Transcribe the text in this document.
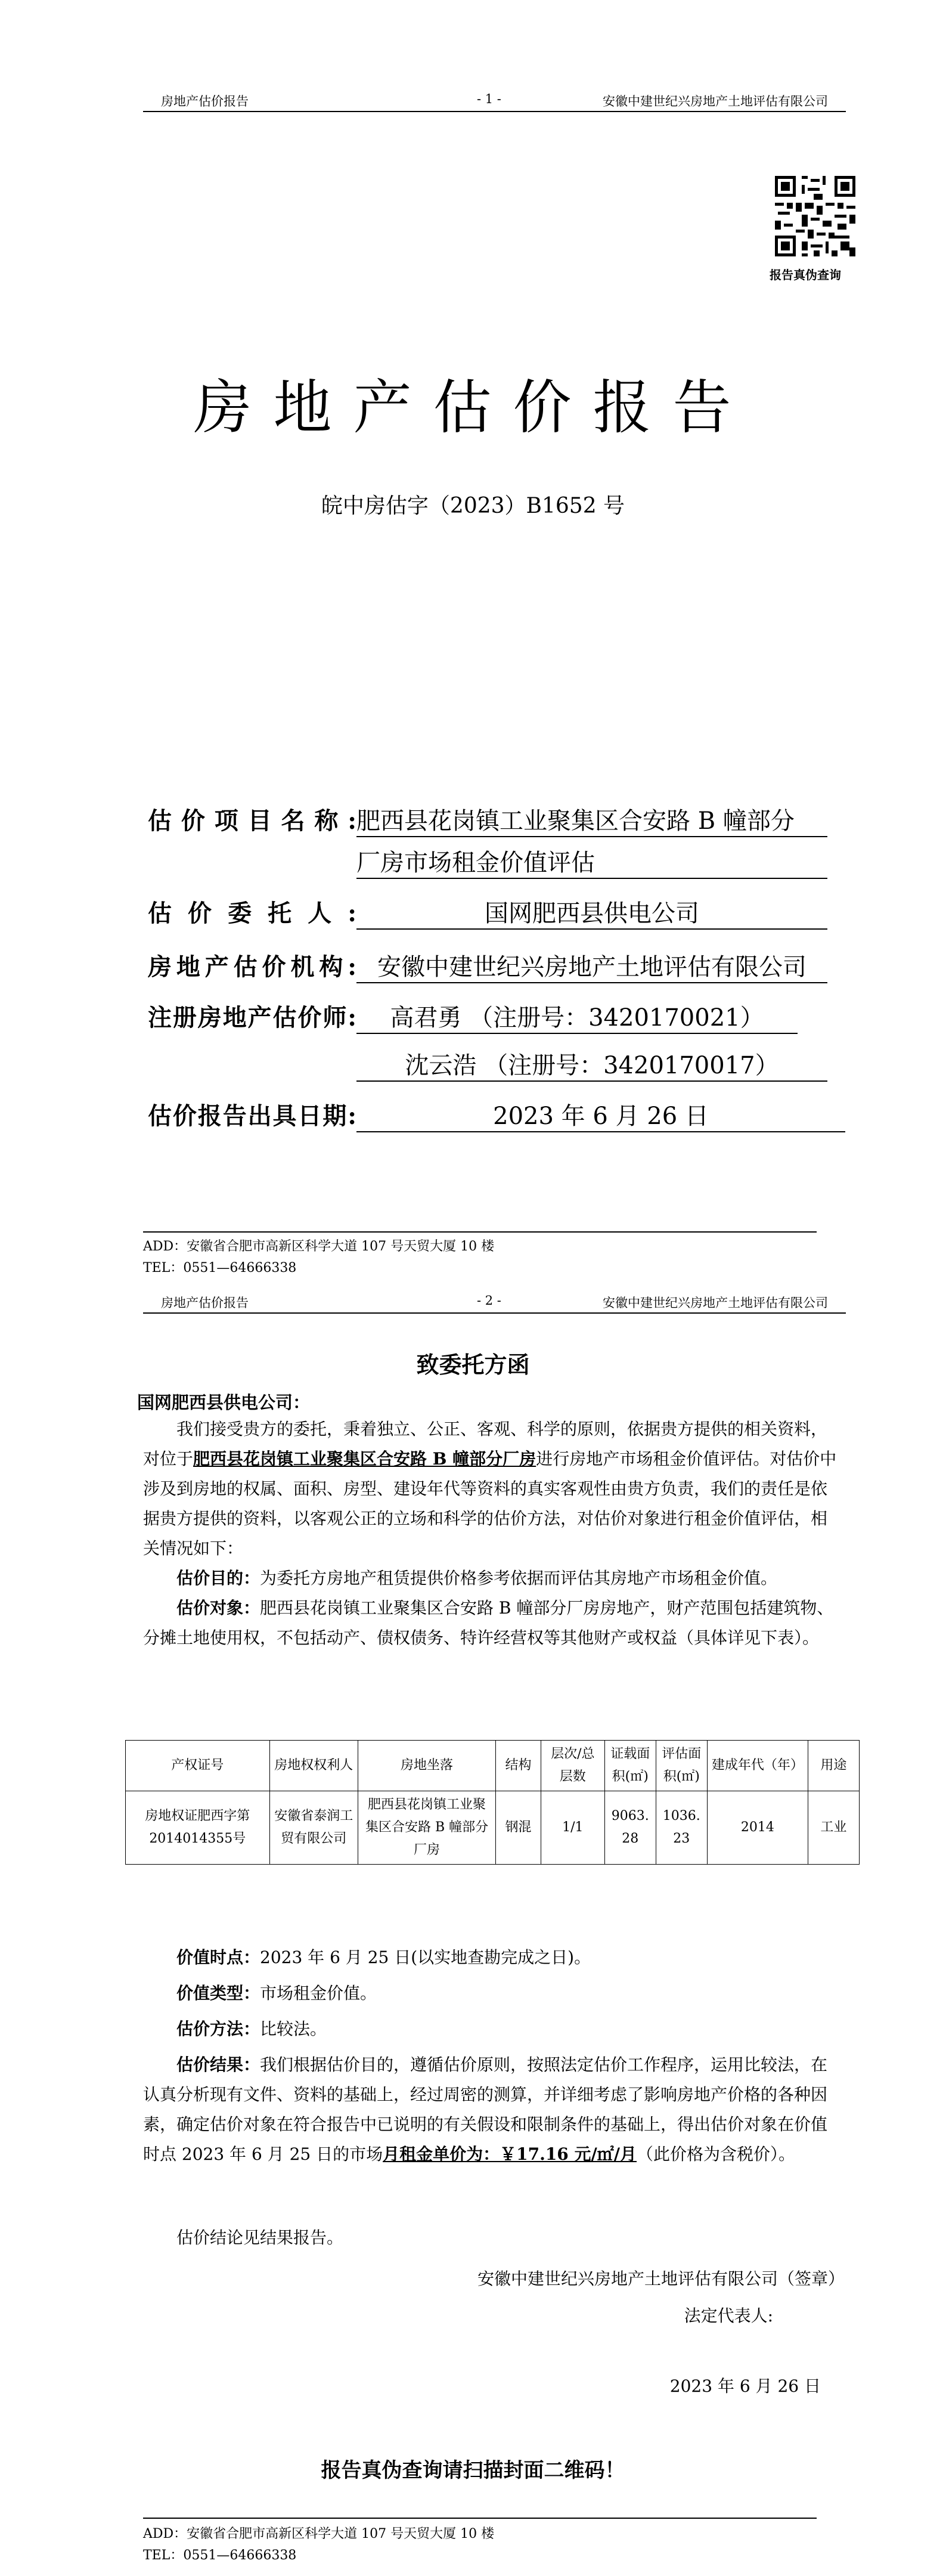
房地产估价报告	- 1 -	安徽中建世纪兴房地产土地评估有限公司
报告真伪查询
房地产估价报告
皖中房估字（2023）B1652 号
估价项目名称:肥西县花岗镇工业聚集区合安路 B 幢部分
厂房市场租金价值评估
估价委托人:	国网肥西县供电公司
房地产估价机构: 安徽中建世纪兴房地产土地评估有限公司
注册房地产估价师: 高君勇 （注册号：3420170021）
沈云浩 （注册号：3420170017）
估价报告出具日期:	2023 年 6 月 26 日
ADD：安徽省合肥市高新区科学大道 107 号天贸大厦 10 楼
TEL：0551—64666338
房地产估价报告	- 2 -	安徽中建世纪兴房地产土地评估有限公司
致委托方函
国网肥西县供电公司：
我们接受贵方的委托，秉着独立、公正、客观、科学的原则，依据贵方提供的相关资料，对位于肥西县花岗镇工业聚集区合安路 B 幢部分厂房进行房地产市场租金价值评估。对估价中涉及到房地的权属、面积、房型、建设年代等资料的真实客观性由贵方负责，我们的责任是依据贵方提供的资料，以客观公正的立场和科学的估价方法，对估价对象进行租金价值评估，相关情况如下：
估价目的：为委托方房地产租赁提供价格参考依据而评估其房地产市场租金价值。
估价对象：肥西县花岗镇工业聚集区合安路 B 幢部分厂房房地产，财产范围包括建筑物、分摊土地使用权，不包括动产、债权债务、特许经营权等其他财产或权益（具体详见下表）。
产权证号	房地权权利人	房地坐落	结构	层次/总层数	证载面积(㎡)	评估面积(㎡)	建成年代（年）	用途
房地权证肥西字第2014014355号	安徽省泰润工贸有限公司	肥西县花岗镇工业聚集区合安路 B 幢部分厂房	钢混	1/1	9063.28	1036.23	2014	工业
价值时点：2023 年 6 月 25 日(以实地查勘完成之日)。
价值类型：市场租金价值。
估价方法：比较法。
估价结果：我们根据估价目的，遵循估价原则，按照法定估价工作程序，运用比较法，在认真分析现有文件、资料的基础上，经过周密的测算，并详细考虑了影响房地产价格的各种因素，确定估价对象在符合报告中已说明的有关假设和限制条件的基础上，得出估价对象在价值时点 2023 年 6 月 25 日的市场月租金单价为：￥17.16 元/㎡/月（此价格为含税价）。
估价结论见结果报告。
安徽中建世纪兴房地产土地评估有限公司（签章）
法定代表人:
2023 年 6 月 26 日
报告真伪查询请扫描封面二维码！
ADD：安徽省合肥市高新区科学大道 107 号天贸大厦 10 楼
TEL：0551—64666338
